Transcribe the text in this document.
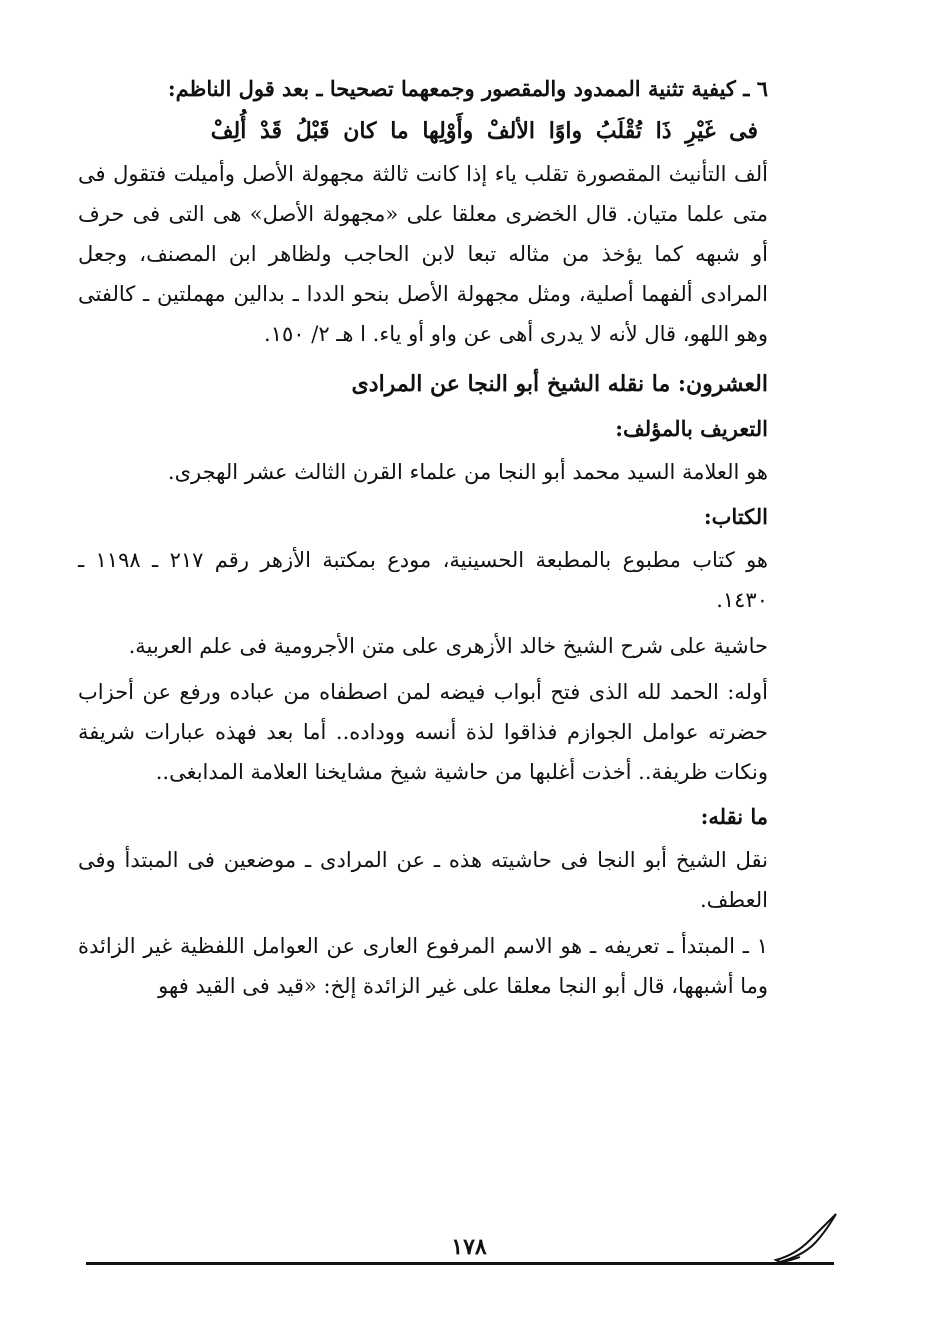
٦ ـ كيفية تثنية الممدود والمقصور وجمعهما تصحيحا ـ بعد قول الناظم:

فى غَيْرِ ذَا تُقْلَبُ واوًا الألفْ وأَوْلِها ما كان قَبْلُ قَدْ أُلِفْ

ألف التأنيث المقصورة تقلب ياء إذا كانت ثالثة مجهولة الأصل وأميلت فتقول فى متى علما متيان. قال الخضرى معلقا على «مجهولة الأصل» هى التى فى حرف أو شبهه كما يؤخذ من مثاله تبعا لابن الحاجب ولظاهر ابن المصنف، وجعل المرادى ألفهما أصلية، ومثل مجهولة الأصل بنحو الددا ـ بدالين مهملتين ـ كالفتى وهو اللهو، قال لأنه لا يدرى أهى عن واو أو ياء. ا هـ ٢/ ١٥٠.

العشرون: ما نقله الشيخ أبو النجا عن المرادى

التعريف بالمؤلف:

هو العلامة السيد محمد أبو النجا من علماء القرن الثالث عشر الهجرى.

الكتاب:

هو كتاب مطبوع بالمطبعة الحسينية، مودع بمكتبة الأزهر رقم ٢١٧ ـ ١١٩٨ ـ ١٤٣٠.

حاشية على شرح الشيخ خالد الأزهرى على متن الأجرومية فى علم العربية.

أوله: الحمد لله الذى فتح أبواب فيضه لمن اصطفاه من عباده ورفع عن أحزاب حضرته عوامل الجوازم فذاقوا لذة أنسه ووداده.. أما بعد فهذه عبارات شريفة ونكات ظريفة.. أخذت أغلبها من حاشية شيخ مشايخنا العلامة المدابغى..

ما نقله:

نقل الشيخ أبو النجا فى حاشيته هذه ـ عن المرادى ـ موضعين فى المبتدأ وفى العطف.

١ ـ المبتدأ ـ تعريفه ـ هو الاسم المرفوع العارى عن العوامل اللفظية غير الزائدة وما أشبهها، قال أبو النجا معلقا على غير الزائدة إلخ: «قيد فى القيد فهو

١٧٨
